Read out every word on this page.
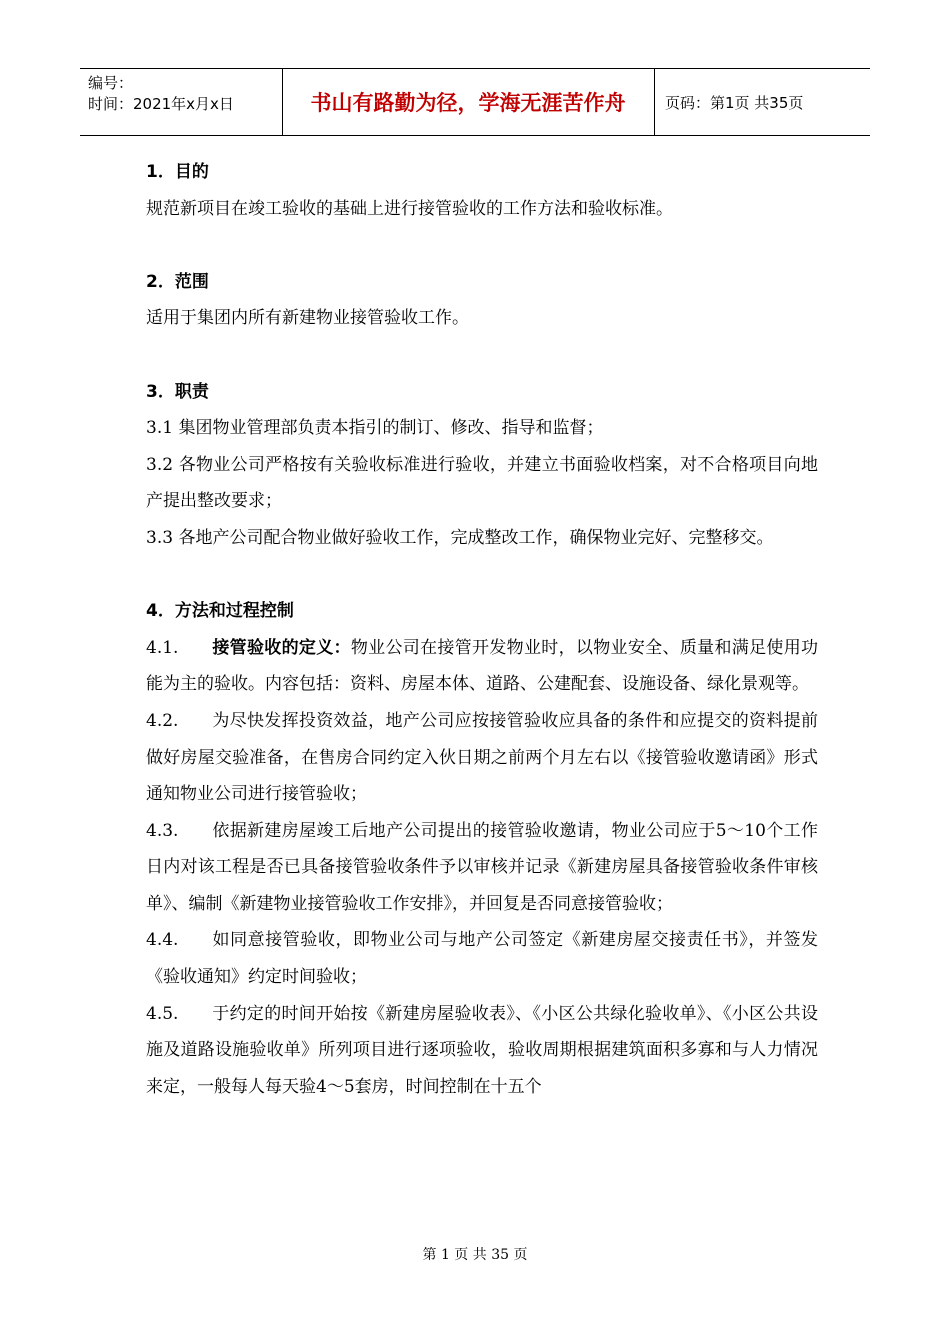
编号：
时间：2021年x月x日	书山有路勤为径，学海无涯苦作舟	页码：第1页 共35页

1．目的

规范新项目在竣工验收的基础上进行接管验收的工作方法和验收标准。

2．范围

适用于集团内所有新建物业接管验收工作。

3．职责

3.1 集团物业管理部负责本指引的制订、修改、指导和监督；

3.2 各物业公司严格按有关验收标准进行验收，并建立书面验收档案，对不合格项目向地产提出整改要求；

3.3 各地产公司配合物业做好验收工作，完成整改工作，确保物业完好、完整移交。

4．方法和过程控制

4.1. 接管验收的定义：物业公司在接管开发物业时，以物业安全、质量和满足使用功能为主的验收。内容包括：资料、房屋本体、道路、公建配套、设施设备、绿化景观等。

4.2. 为尽快发挥投资效益，地产公司应按接管验收应具备的条件和应提交的资料提前做好房屋交验准备，在售房合同约定入伙日期之前两个月左右以《接管验收邀请函》形式通知物业公司进行接管验收；

4.3. 依据新建房屋竣工后地产公司提出的接管验收邀请，物业公司应于5～10个工作日内对该工程是否已具备接管验收条件予以审核并记录《新建房屋具备接管验收条件审核单》、编制《新建物业接管验收工作安排》，并回复是否同意接管验收；

4.4. 如同意接管验收，即物业公司与地产公司签定《新建房屋交接责任书》，并签发《验收通知》约定时间验收；

4.5. 于约定的时间开始按《新建房屋验收表》、《小区公共绿化验收单》、《小区公共设施及道路设施验收单》所列项目进行逐项验收，验收周期根据建筑面积多寡和与人力情况来定，一般每人每天验4～5套房，时间控制在十五个

第 1 页 共 35 页
